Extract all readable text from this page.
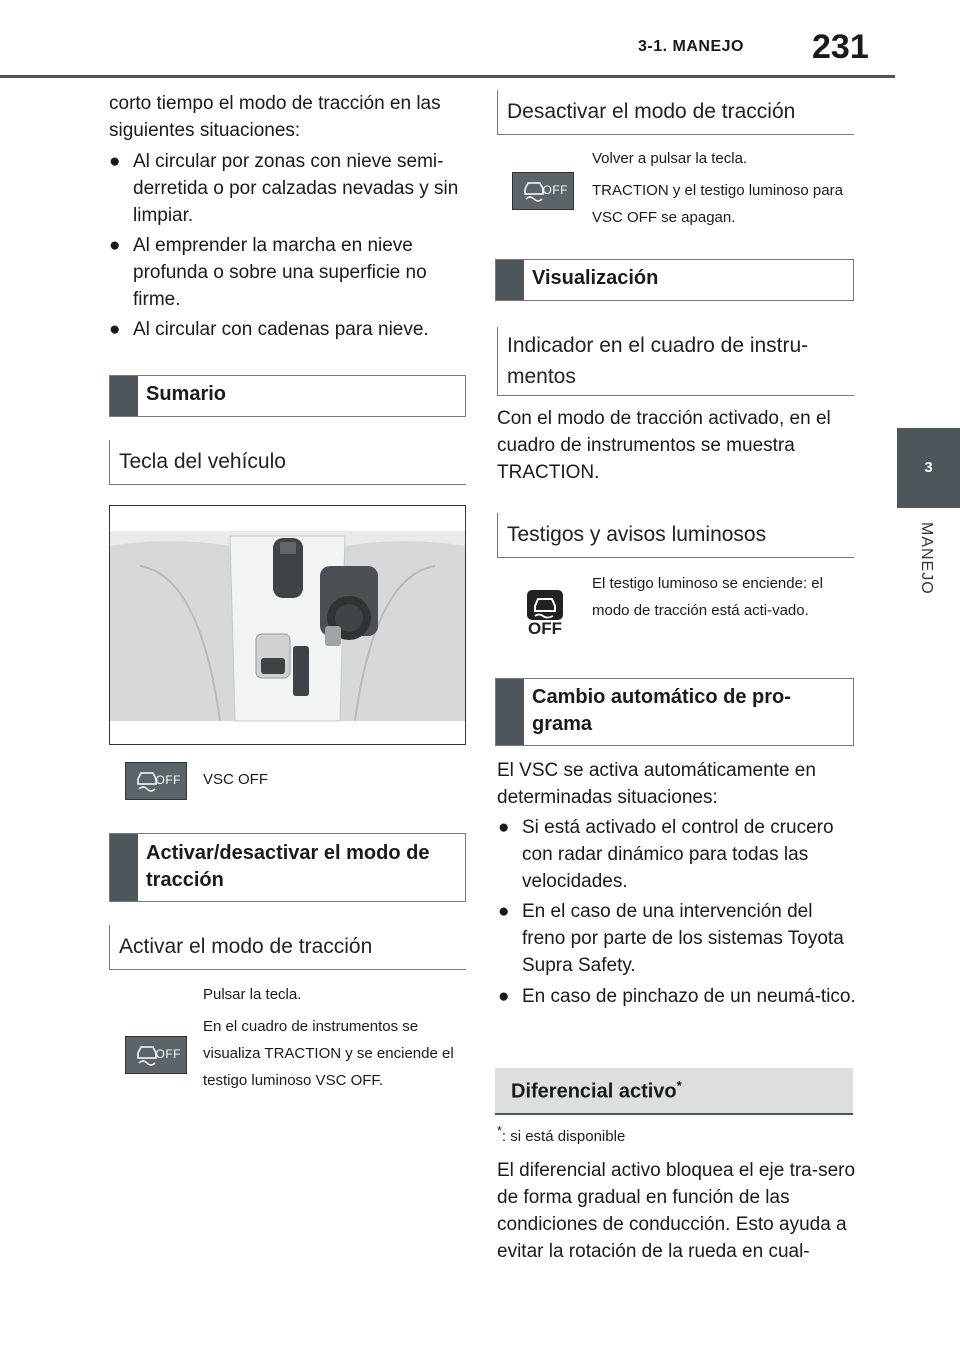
3-1. MANEJO 231
3
MANEJO
corto tiempo el modo de tracción en las siguientes situaciones:
● Al circular por zonas con nieve semi-derretida o por calzadas nevadas y sin limpiar.
● Al emprender la marcha en nieve profunda o sobre una superficie no firme.
● Al circular con cadenas para nieve.
Sumario
Tecla del vehículo
OFF VSC OFF
Activar/desactivar el modo de tracción
Activar el modo de tracción
Pulsar la tecla.
OFF
En el cuadro de instrumentos se visualiza TRACTION y se enciende el testigo luminoso VSC OFF.
Desactivar el modo de tracción
Volver a pulsar la tecla.
OFF TRACTION y el testigo luminoso para VSC OFF se apagan.
Visualización
Indicador en el cuadro de instru-mentos
Con el modo de tracción activado, en el cuadro de instrumentos se muestra TRACTION.
Testigos y avisos luminosos
OFF
El testigo luminoso se enciende: el modo de tracción está acti-vado.
Cambio automático de pro-grama
El VSC se activa automáticamente en determinadas situaciones:
● Si está activado el control de crucero con radar dinámico para todas las velocidades.
● En el caso de una intervención del freno por parte de los sistemas Toyota Supra Safety.
● En caso de pinchazo de un neumá-tico.
Diferencial activo*
*: si está disponible
El diferencial activo bloquea el eje tra-sero de forma gradual en función de las condiciones de conducción. Esto ayuda a evitar la rotación de la rueda en cual-
